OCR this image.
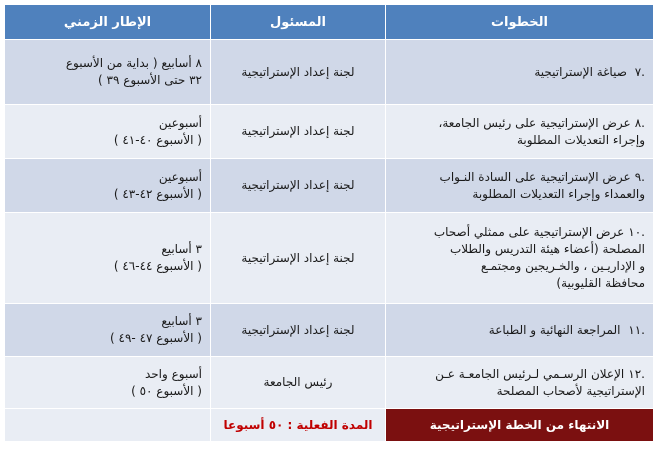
الخطوات	المسئول	الإطار الزمني
.٧ صياغة الإستراتيجية	لجنة إعداد الإستراتيجية	٨ أسابيع ( بداية من الأسبوع
٣٢ حتى الأسبوع ٣٩ )

.٨عرض الإستراتيجية على رئيس الجامعة،
وإجراء التعديلات المطلوبة	لجنة إعداد الإستراتيجية	أسبوعين
( الأسبوع ٤٠-٤١ )

.٩عرض الإستراتيجية على السادة النـواب
والعمداء وإجراء التعديلات المطلوبة	لجنة إعداد الإستراتيجية	أسبوعين
( الأسبوع ٤٢-٤٣ )

.١٠عرض الإستراتيجية على ممثلي أصحاب
المصلحة (أعضاء هيئة التدريس والطلاب
و الإداريـين ، والخـريجين ومجتمـع
محافظة القليوبية)	لجنة إعداد الإستراتيجية	٣ أسابيع
( الأسبوع ٤٤-٤٦ )

.١١ المراجعة النهائية و الطباعة	لجنة إعداد الإستراتيجية	٣ أسابيع
( الأسبوع ٤٧ -٤٩ )

.١٢الإعلان الرسـمي لـرئيس الجامعـة عـن
الإستراتيجية لأصحاب المصلحة	رئيس الجامعة	أسبوع واحد
( الأسبوع ٥٠ )

الانتهاء من الخطة الإستراتيجية	المدة الفعلية : ٥٠ أسبوعا	
